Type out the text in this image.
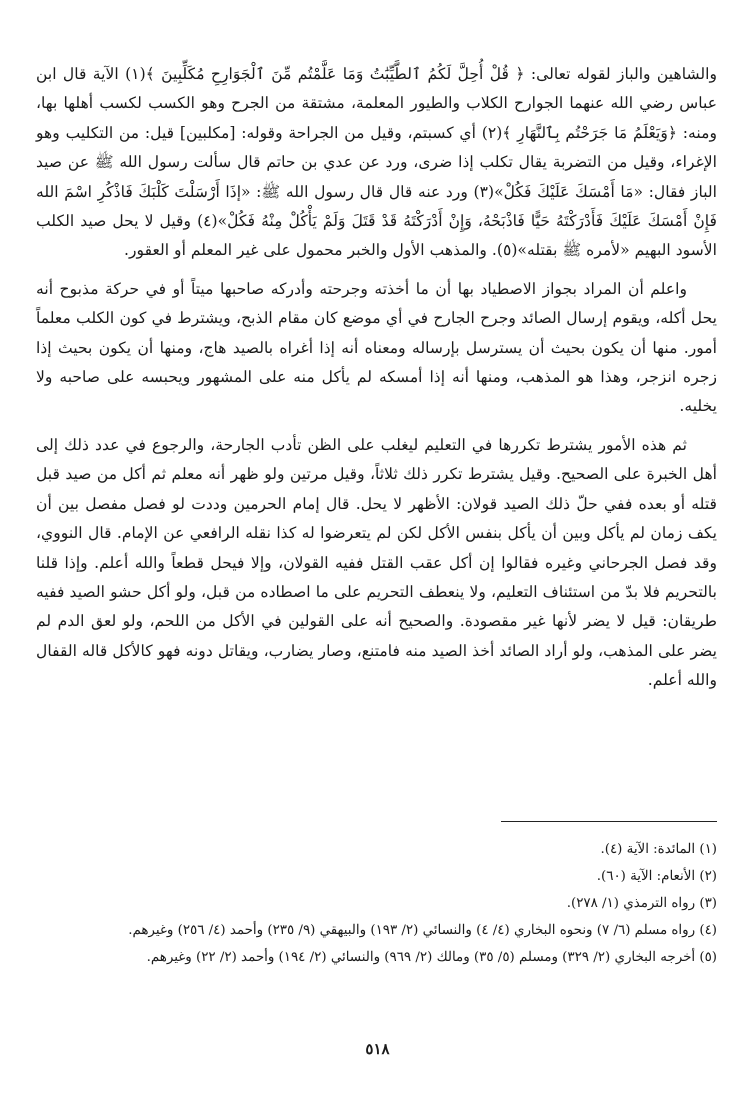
والشاهين والباز لقوله تعالى: ﴿ قُلْ أُحِلَّ لَكُمُ ٱلطَّيِّبَٰتُ وَمَا عَلَّمْتُم مِّنَ ٱلْجَوَارِحِ مُكَلِّبِينَ ﴾(١) الآية قال ابن عباس رضي الله عنهما الجوارح الكلاب والطيور المعلمة، مشتقة من الجرح وهو الكسب لكسب أهلها بها، ومنه: ﴿وَيَعْلَمُ مَا جَرَحْتُم بِٱلنَّهَارِ ﴾(٢) أي كسبتم، وقيل من الجراحة وقوله: [مكلبين] قيل: من التكليب وهو الإغراء، وقيل من التضربة يقال تكلب إذا ضرى، ورد عن عدي بن حاتم قال سألت رسول الله ﷺ عن صيد الباز فقال: «مَا أَمْسَكَ عَلَيْكَ فَكُلْ»(٣) ورد عنه قال قال رسول الله ﷺ: «إذَا أَرْسَلْتَ كَلْبَكَ فَاذْكُرِ اسْمَ الله فَإِنْ أَمْسَكَ عَلَيْكَ فَأَدْرَكْتَهُ حَيًّا فَاذْبَحْهُ، وَإِنْ أَدْرَكْتَهُ قَدْ قَتَلَ وَلَمْ يَأْكُلْ مِنْهُ فَكُلْ»(٤) وقيل لا يحل صيد الكلب الأسود البهيم «لأمره ﷺ بقتله»(٥). والمذهب الأول والخبر محمول على غير المعلم أو العقور.

واعلم أن المراد بجواز الاصطياد بها أن ما أخذته وجرحته وأدركه صاحبها ميتاً أو في حركة مذبوح أنه يحل أكله، ويقوم إرسال الصائد وجرح الجارح في أي موضع كان مقام الذبح، ويشترط في كون الكلب معلماً أمور. منها أن يكون بحيث أن يسترسل بإرساله ومعناه أنه إذا أغراه بالصيد هاج، ومنها أن يكون بحيث إذا زجره انزجر، وهذا هو المذهب، ومنها أنه إذا أمسكه لم يأكل منه على المشهور ويحبسه على صاحبه ولا يخليه.

ثم هذه الأمور يشترط تكررها في التعليم ليغلب على الظن تأدب الجارحة، والرجوع في عدد ذلك إلى أهل الخبرة على الصحيح. وقيل يشترط تكرر ذلك ثلاثاً، وقيل مرتين ولو ظهر أنه معلم ثم أكل من صيد قبل قتله أو بعده ففي حلّ ذلك الصيد قولان: الأظهر لا يحل. قال إمام الحرمين وددت لو فصل مفصل بين أن يكف زمان لم يأكل وبين أن يأكل بنفس الأكل لكن لم يتعرضوا له كذا نقله الرافعي عن الإمام. قال النووي، وقد فصل الجرحاني وغيره فقالوا إن أكل عقب القتل ففيه القولان، وإلا فيحل قطعاً والله أعلم. وإذا قلنا بالتحريم فلا بدّ من استئناف التعليم، ولا ينعطف التحريم على ما اصطاده من قبل، ولو أكل حشو الصيد ففيه طريقان: قيل لا يضر لأنها غير مقصودة. والصحيح أنه على القولين في الأكل من اللحم، ولو لعق الدم لم يضر على المذهب، ولو أراد الصائد أخذ الصيد منه فامتنع، وصار يضارب، ويقاتل دونه فهو كالأكل قاله القفال والله أعلم.

(١) المائدة: الآية (٤).

(٢) الأنعام: الآية (٦٠).

(٣) رواه الترمذي (١/ ٢٧٨).

(٤) رواه مسلم (٦/ ٧) ونحوه البخاري (٤/ ٤) والنسائي (٢/ ١٩٣) والبيهقي (٩/ ٢٣٥) وأحمد (٤/ ٢٥٦) وغيرهم.

(٥) أخرجه البخاري (٢/ ٣٢٩) ومسلم (٥/ ٣٥) ومالك (٢/ ٩٦٩) والنسائي (٢/ ١٩٤) وأحمد (٢/ ٢٢) وغيرهم.

٥١٨
